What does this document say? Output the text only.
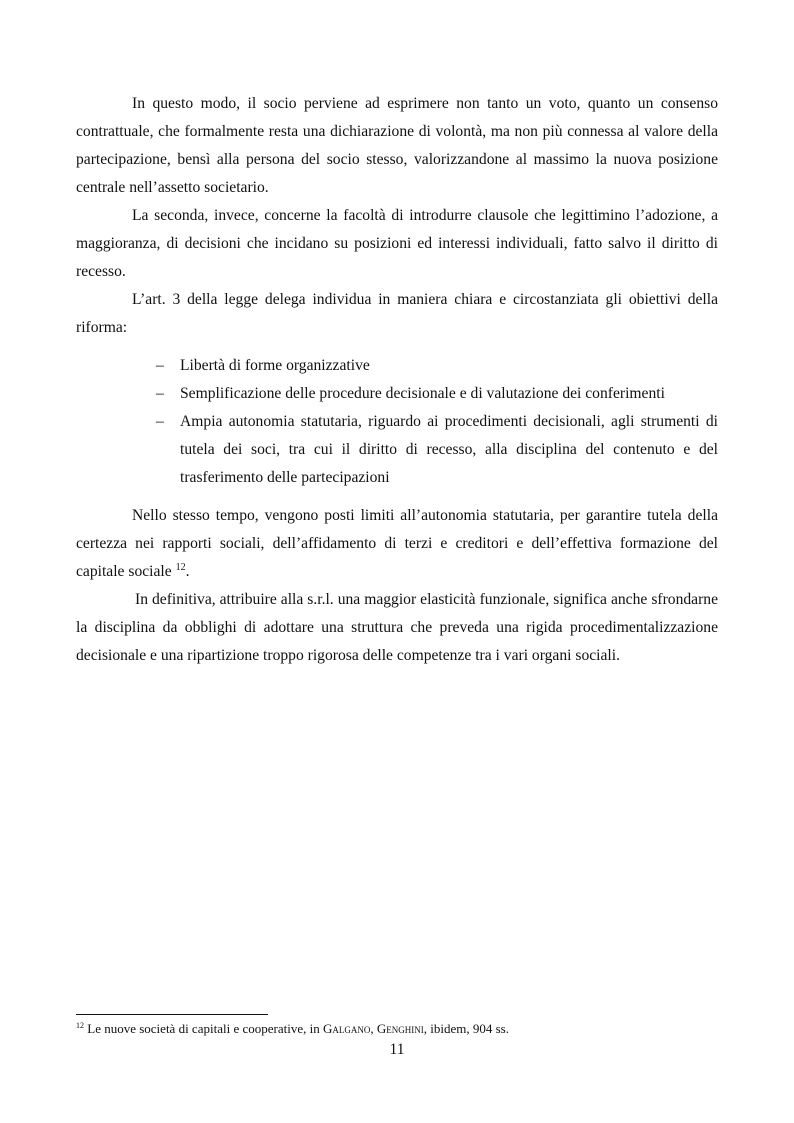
In questo modo, il socio perviene ad esprimere non tanto un voto, quanto un consenso contrattuale, che formalmente resta una dichiarazione di volontà, ma non più connessa al valore della partecipazione, bensì alla persona del socio stesso, valorizzandone al massimo la nuova posizione centrale nell’assetto societario.

La seconda, invece, concerne la facoltà di introdurre clausole che legittimino l’adozione, a maggioranza, di decisioni che incidano su posizioni ed interessi individuali, fatto salvo il diritto di recesso.

L’art. 3 della legge delega individua in maniera chiara e circostanziata gli obiettivi della riforma:

– Libertà di forme organizzative
– Semplificazione delle procedure decisionale e di valutazione dei conferimenti
– Ampia autonomia statutaria, riguardo ai procedimenti decisionali, agli strumenti di tutela dei soci, tra cui il diritto di recesso, alla disciplina del contenuto e del trasferimento delle partecipazioni

Nello stesso tempo, vengono posti limiti all’autonomia statutaria, per garantire tutela della certezza nei rapporti sociali, dell’affidamento di terzi e creditori e dell’effettiva formazione del capitale sociale $^{12}$.

In definitiva, attribuire alla s.r.l. una maggior elasticità funzionale, significa anche sfrondarne la disciplina da obblighi di adottare una struttura che preveda una rigida procedimentalizzazione decisionale e una ripartizione troppo rigorosa delle competenze tra i vari organi sociali.

$^{12}$ Le nuove società di capitali e cooperative, in Galgano, Genghini, ibidem, 904 ss.
11
